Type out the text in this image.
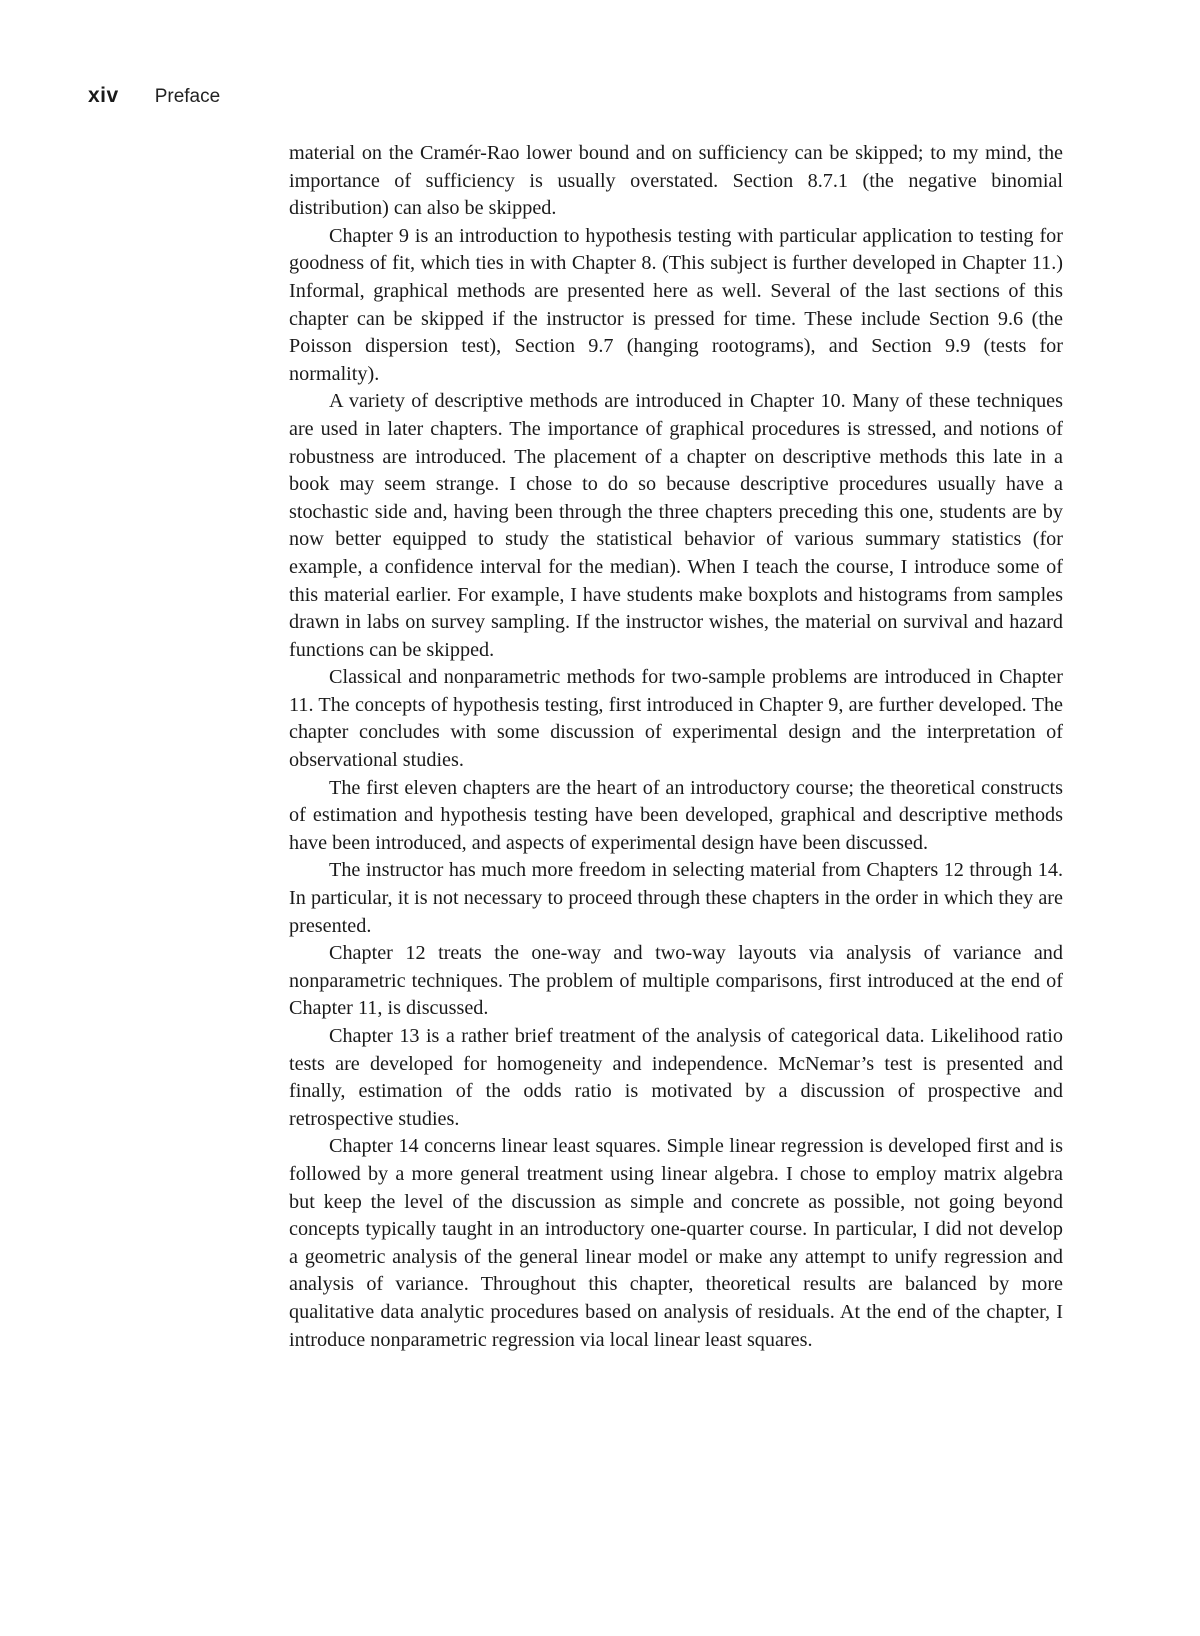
xiv Preface

material on the Cramér-Rao lower bound and on sufficiency can be skipped; to my mind, the importance of sufficiency is usually overstated. Section 8.7.1 (the negative binomial distribution) can also be skipped.

Chapter 9 is an introduction to hypothesis testing with particular application to testing for goodness of fit, which ties in with Chapter 8. (This subject is further developed in Chapter 11.) Informal, graphical methods are presented here as well. Several of the last sections of this chapter can be skipped if the instructor is pressed for time. These include Section 9.6 (the Poisson dispersion test), Section 9.7 (hanging rootograms), and Section 9.9 (tests for normality).

A variety of descriptive methods are introduced in Chapter 10. Many of these techniques are used in later chapters. The importance of graphical procedures is stressed, and notions of robustness are introduced. The placement of a chapter on descriptive methods this late in a book may seem strange. I chose to do so because descriptive procedures usually have a stochastic side and, having been through the three chapters preceding this one, students are by now better equipped to study the statistical behavior of various summary statistics (for example, a confidence interval for the median). When I teach the course, I introduce some of this material earlier. For example, I have students make boxplots and histograms from samples drawn in labs on survey sampling. If the instructor wishes, the material on survival and hazard functions can be skipped.

Classical and nonparametric methods for two-sample problems are introduced in Chapter 11. The concepts of hypothesis testing, first introduced in Chapter 9, are further developed. The chapter concludes with some discussion of experimental design and the interpretation of observational studies.

The first eleven chapters are the heart of an introductory course; the theoretical constructs of estimation and hypothesis testing have been developed, graphical and descriptive methods have been introduced, and aspects of experimental design have been discussed.

The instructor has much more freedom in selecting material from Chapters 12 through 14. In particular, it is not necessary to proceed through these chapters in the order in which they are presented.

Chapter 12 treats the one-way and two-way layouts via analysis of variance and nonparametric techniques. The problem of multiple comparisons, first introduced at the end of Chapter 11, is discussed.

Chapter 13 is a rather brief treatment of the analysis of categorical data. Likelihood ratio tests are developed for homogeneity and independence. McNemar’s test is presented and finally, estimation of the odds ratio is motivated by a discussion of prospective and retrospective studies.

Chapter 14 concerns linear least squares. Simple linear regression is developed first and is followed by a more general treatment using linear algebra. I chose to employ matrix algebra but keep the level of the discussion as simple and concrete as possible, not going beyond concepts typically taught in an introductory one-quarter course. In particular, I did not develop a geometric analysis of the general linear model or make any attempt to unify regression and analysis of variance. Throughout this chapter, theoretical results are balanced by more qualitative data analytic procedures based on analysis of residuals. At the end of the chapter, I introduce nonparametric regression via local linear least squares.
